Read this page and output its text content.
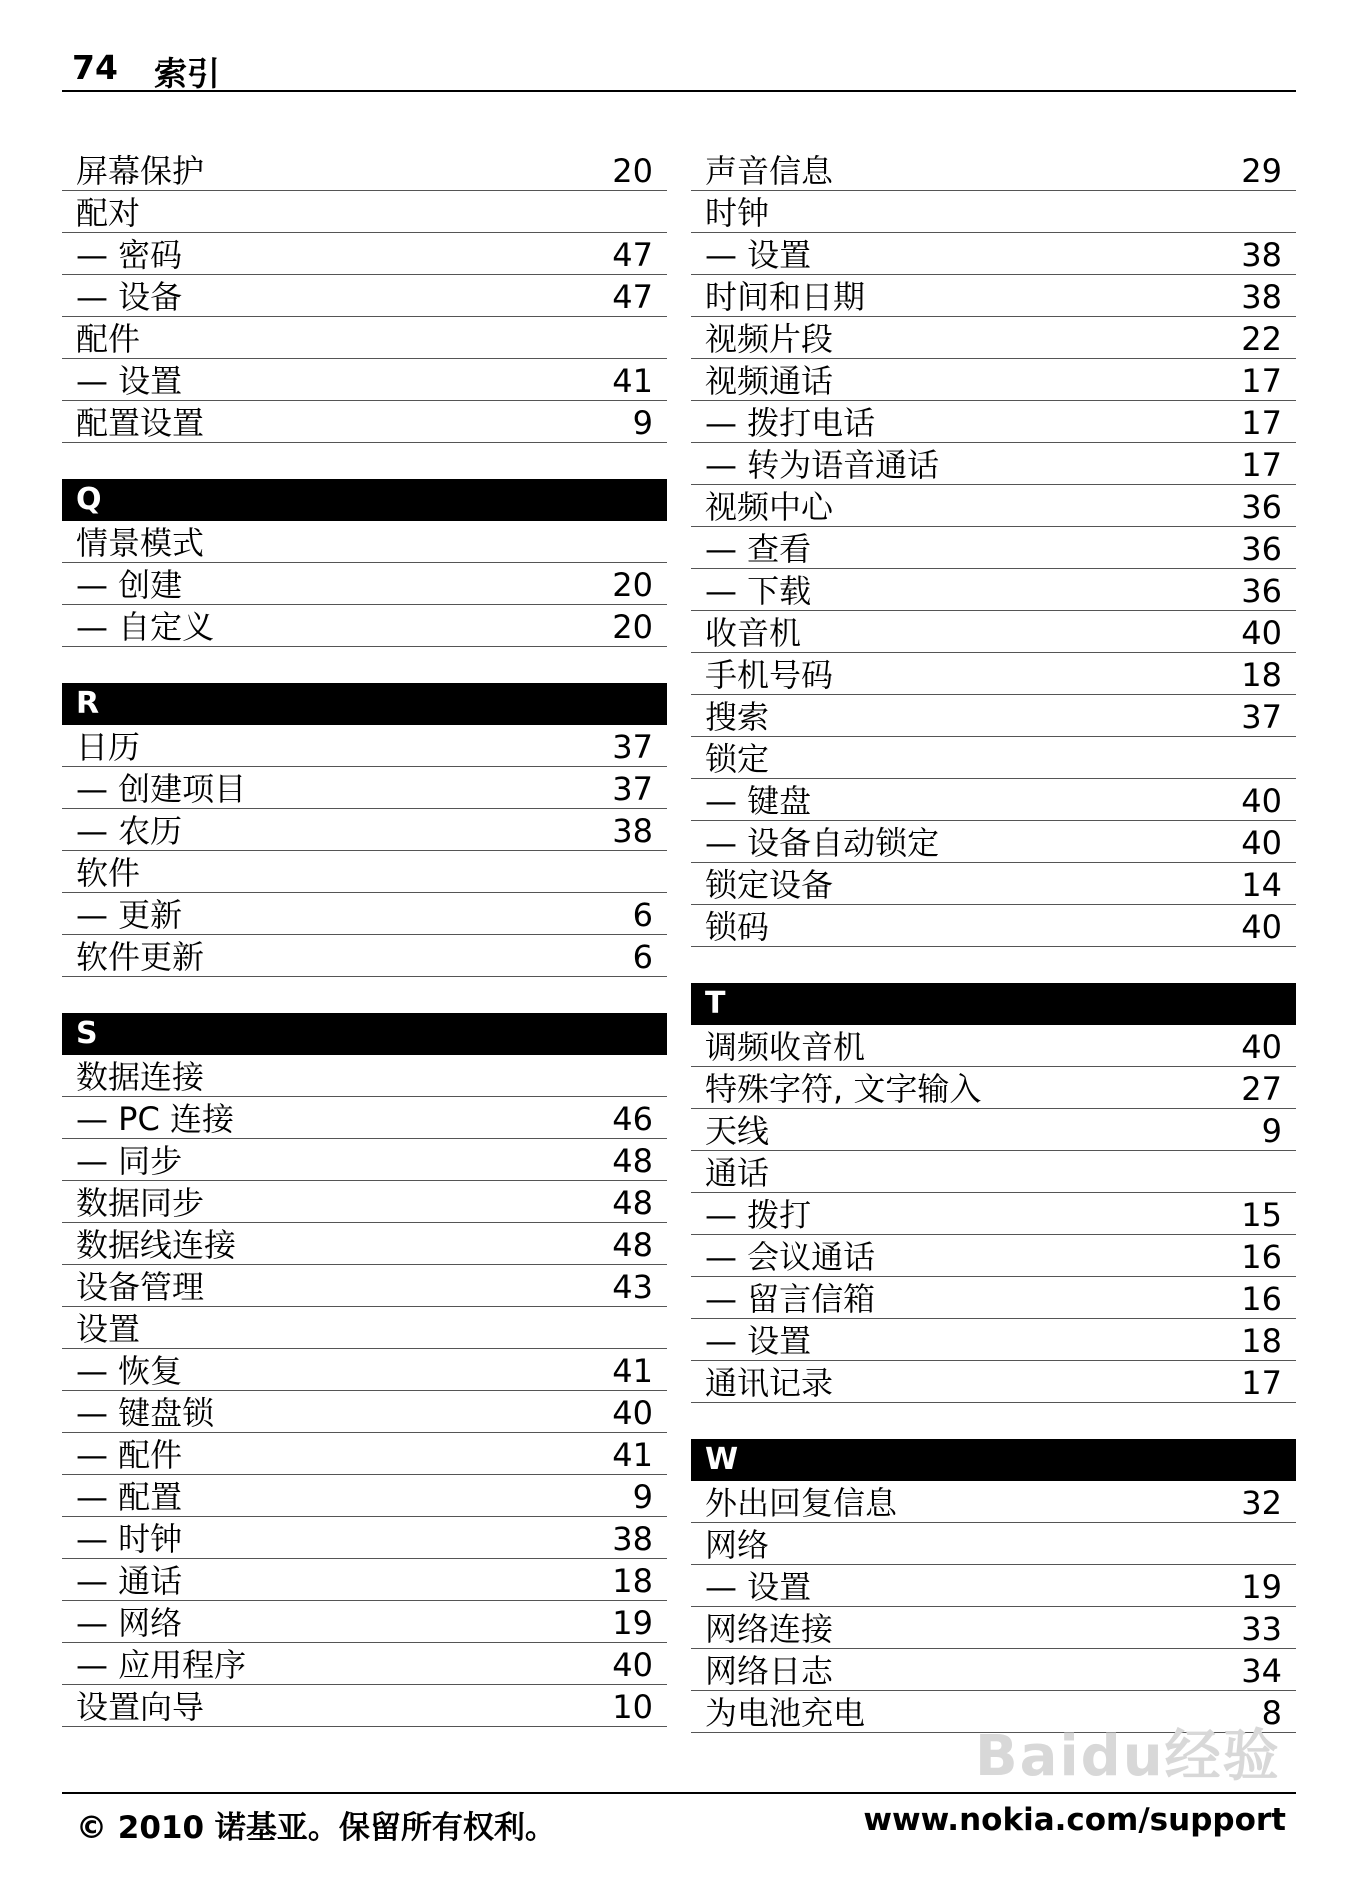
74 索引
屏幕保护	20
配对
— 密码	47
— 设备	47
配件
— 设置	41
配置设置	9
Q
情景模式
— 创建	20
— 自定义	20
R
日历	37
— 创建项目	37
— 农历	38
软件
— 更新	6
软件更新	6
S
数据连接
— PC 连接	46
— 同步	48
数据同步	48
数据线连接	48
设备管理	43
设置
— 恢复	41
— 键盘锁	40
— 配件	41
— 配置	9
— 时钟	38
— 通话	18
— 网络	19
— 应用程序	40
设置向导	10
声音信息	29
时钟
— 设置	38
时间和日期	38
视频片段	22
视频通话	17
— 拨打电话	17
— 转为语音通话	17
视频中心	36
— 查看	36
— 下载	36
收音机	40
手机号码	18
搜索	37
锁定
— 键盘	40
— 设备自动锁定	40
锁定设备	14
锁码	40
T
调频收音机	40
特殊字符, 文字输入	27
天线	9
通话
— 拨打	15
— 会议通话	16
— 留言信箱	16
— 设置	18
通讯记录	17
W
外出回复信息	32
网络
— 设置	19
网络连接	33
网络日志	34
为电池充电	8
Baidu经验
© 2010 诺基亚。保留所有权利。	www.nokia.com/support
